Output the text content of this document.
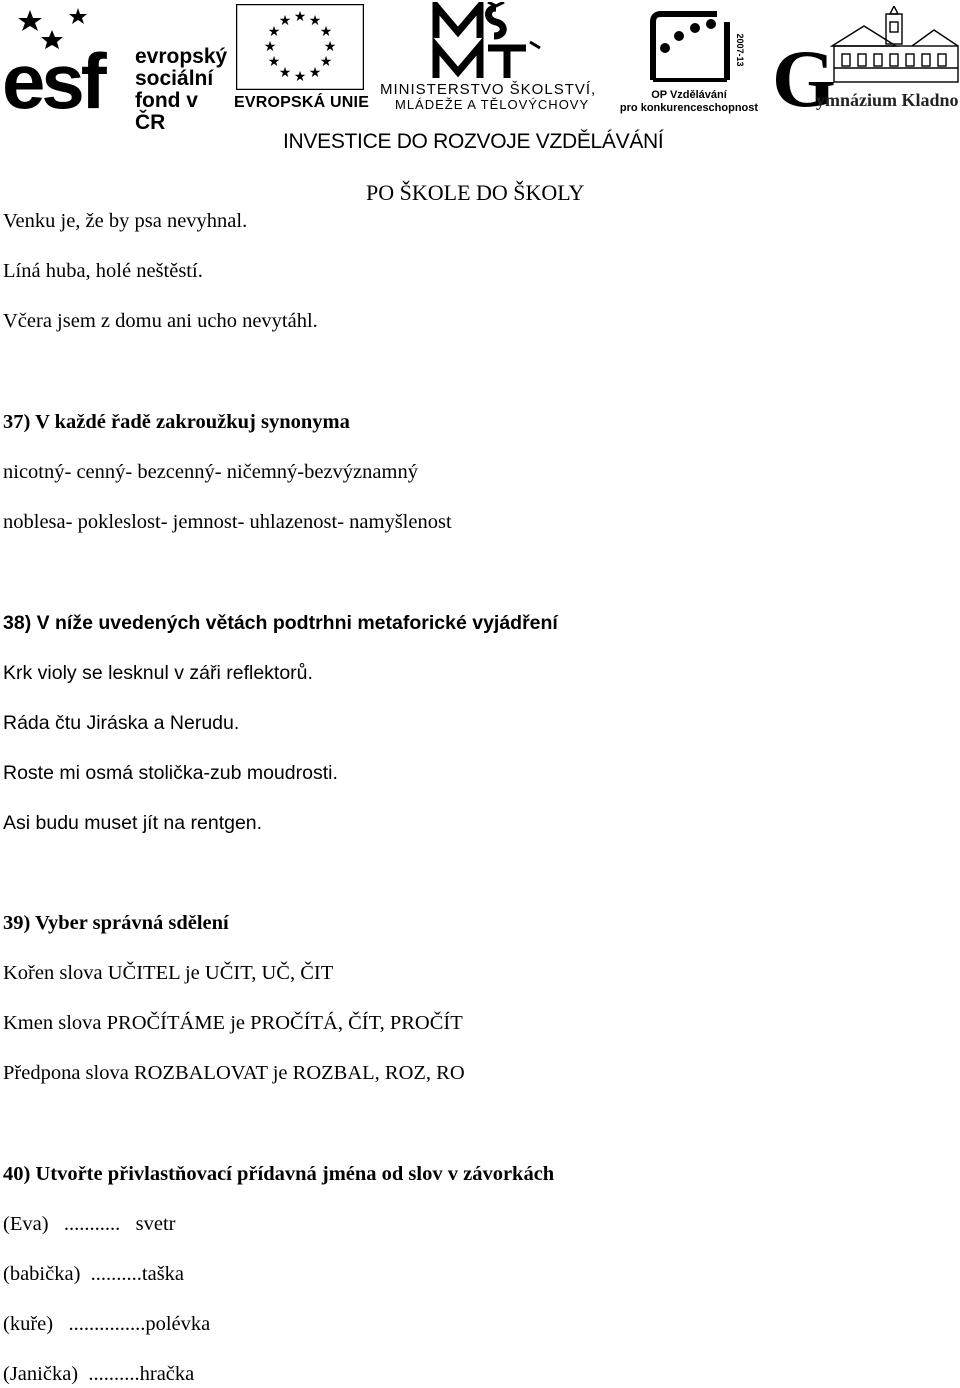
esf evropský
sociální
fond v ČR
★ ★
★
★
★
★
★
★
★
★
★
★
EVROPSKÁ UNIE
MINISTERSTVO ŠKOLSTVÍ,
MLÁDEŽE A TĚLOVÝCHOVY
2007-13
OP Vzdělávání
pro konkurenceschopnost G
ymnázium Kladno
INVESTICE DO ROZVOJE VZDĚLÁVÁNÍ
PO ŠKOLE DO ŠKOLY
Venku je, že by psa nevyhnal.
Líná huba, holé neštěstí.
Včera jsem z domu ani ucho nevytáhl.
37) V každé řadě zakroužkuj synonyma
nicotný- cenný- bezcenný- ničemný-bezvýznamný
noblesa- pokleslost- jemnost- uhlazenost- namyšlenost
38) V níže uvedených větách podtrhni metaforické vyjádření
Krk violy se lesknul v záři reflektorů.
Ráda čtu Jiráska a Nerudu.
Roste mi osmá stolička-zub moudrosti.
Asi budu muset jít na rentgen.
39) Vyber správná sdělení
Kořen slova UČITEL je UČIT, UČ, ČIT
Kmen slova PROČÍTÁME je PROČÍTÁ, ČÍT, PROČÍT
Předpona slova ROZBALOVAT je ROZBAL, ROZ, RO
40) Utvořte přivlastňovací přídavná jména od slov v závorkách
(Eva)   ...........   svetr
(babička)  ..........taška
(kuře)   ...............polévka
(Janička)  ..........hračka
